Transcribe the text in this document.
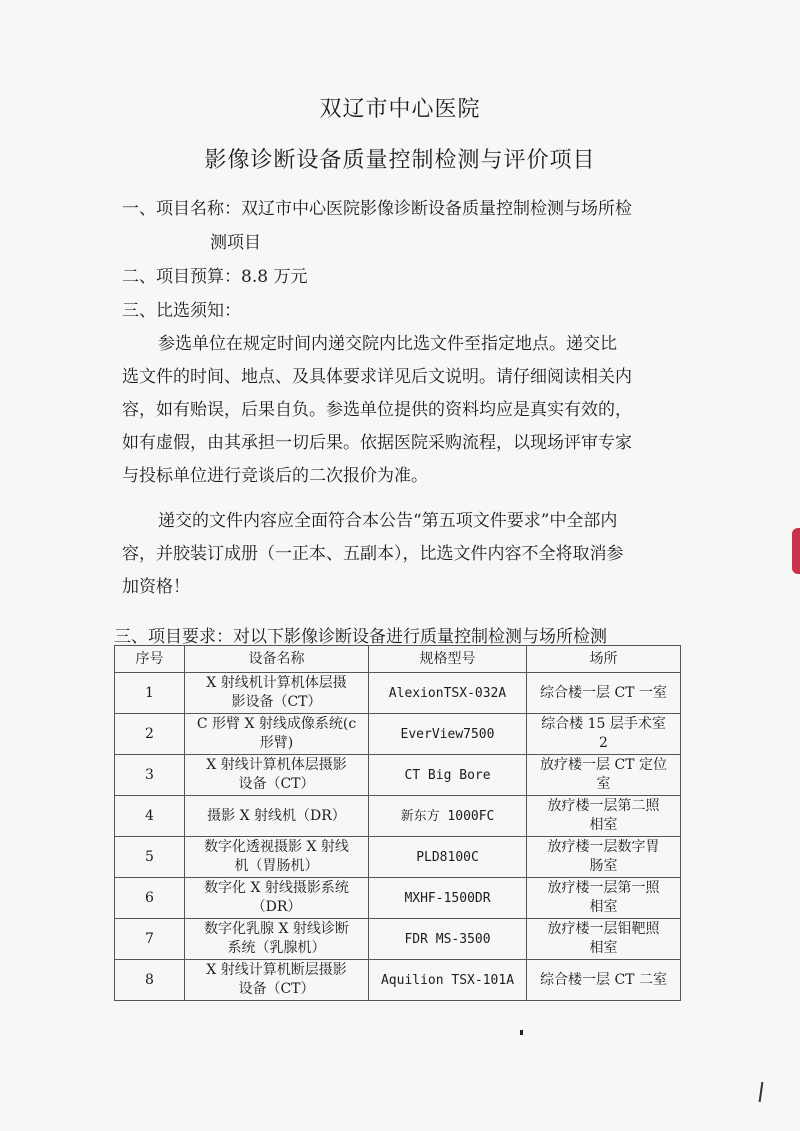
双辽市中心医院
影像诊断设备质量控制检测与评价项目
一、项目名称：双辽市中心医院影像诊断设备质量控制检测与场所检
测项目
二、项目预算：8.8 万元
三、比选须知：
参选单位在规定时间内递交院内比选文件至指定地点。递交比
选文件的时间、地点、及具体要求详见后文说明。请仔细阅读相关内
容，如有贻误，后果自负。参选单位提供的资料均应是真实有效的，
如有虚假，由其承担一切后果。依据医院采购流程，以现场评审专家
与投标单位进行竞谈后的二次报价为准。
递交的文件内容应全面符合本公告“第五项文件要求”中全部内
容，并胶装订成册（一正本、五副本），比选文件内容不全将取消参
加资格！
三、项目要求：对以下影像诊断设备进行质量控制检测与场所检测
序号	设备名称	规格型号	场所
1	X 射线机计算机体层摄
影设备（CT）	AlexionTSX-032A	综合楼一层 CT 一室
2	C 形臂 X 射线成像系统(c
形臂)	EverView7500	综合楼 15 层手术室
2
3	X 射线计算机体层摄影
设备（CT）	CT Big Bore	放疗楼一层 CT 定位
室
4	摄影 X 射线机（DR）	新东方 1000FC	放疗楼一层第二照
相室
5	数字化透视摄影 X 射线
机（胃肠机）	PLD8100C	放疗楼一层数字胃
肠室
6	数字化 X 射线摄影系统
（DR）	MXHF-1500DR	放疗楼一层第一照
相室
7	数字化乳腺 X 射线诊断
系统（乳腺机）	FDR MS-3500	放疗楼一层钼靶照
相室
8	X 射线计算机断层摄影
设备（CT）	Aquilion TSX-101A	综合楼一层 CT 二室
